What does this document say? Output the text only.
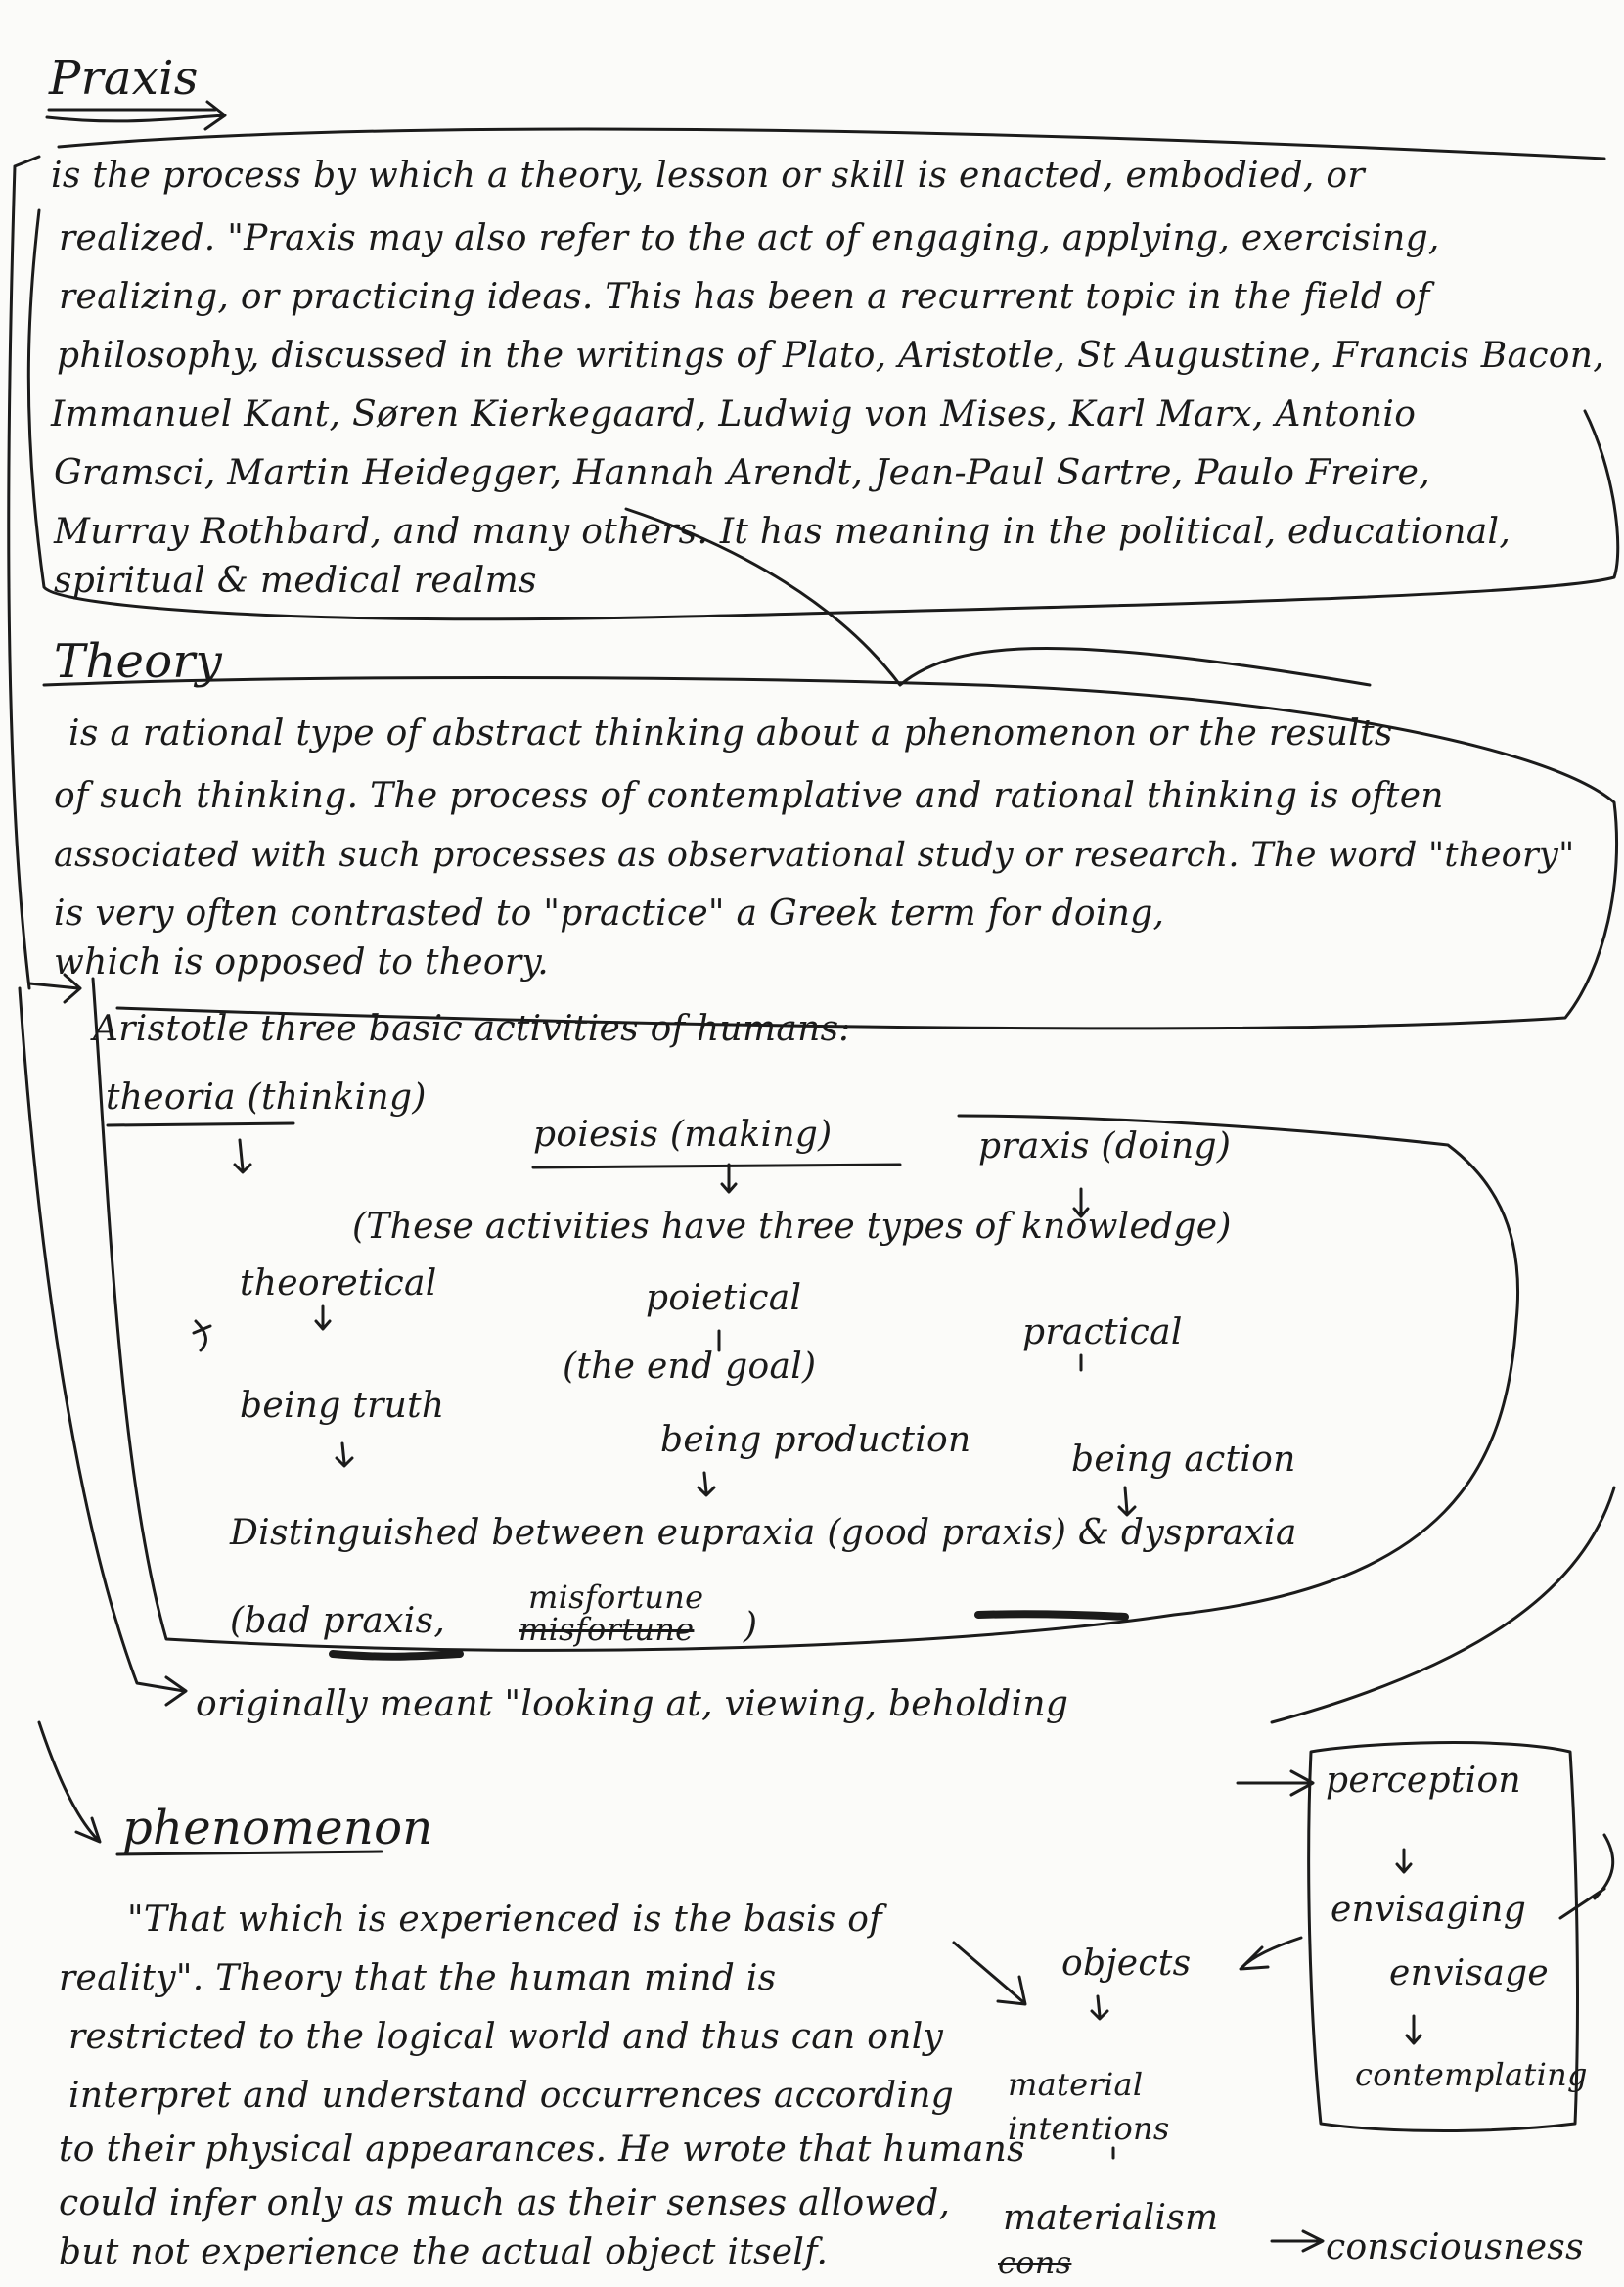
Praxis
is the process by which a theory, lesson or skill is enacted, embodied, or
realized. "Praxis may also refer to the act of engaging, applying, exercising,
realizing, or practicing ideas. This has been a recurrent topic in the field of
philosophy, discussed in the writings of Plato, Aristotle, St Augustine, Francis Bacon,
Immanuel Kant, Søren Kierkegaard, Ludwig von Mises, Karl Marx, Antonio
Gramsci, Martin Heidegger, Hannah Arendt, Jean-Paul Sartre, Paulo Freire,
Murray Rothbard, and many others. It has meaning in the political, educational,
spiritual & medical realms
Theory
is a rational type of abstract thinking about a phenomenon or the results
of such thinking. The process of contemplative and rational thinking is often
associated with such processes as observational study or research. The word "theory"
is very often contrasted to "practice" a Greek term for doing,
which is opposed to theory.
Aristotle three basic activities of humans:
theoria (thinking)
poiesis (making)	praxis (doing)
(These activities have three types of knowledge)
theoretical	poietical
practical
(the end goal)
being truth
being production	being action
Distinguished between eupraxia (good praxis) & dyspraxia
(bad praxis,
misfortune
misfortune )
originally meant "looking at, viewing, beholding
perception
envisaging
envisage
contemplating
phenomenon
"That which is experienced is the basis of
reality". Theory that the human mind is
restricted to the logical world and thus can only
interpret and understand occurrences according
to their physical appearances. He wrote that humans
could infer only as much as their senses allowed,
but not experience the actual object itself.
objects
material
intentions
materialism
cons	consciousness
